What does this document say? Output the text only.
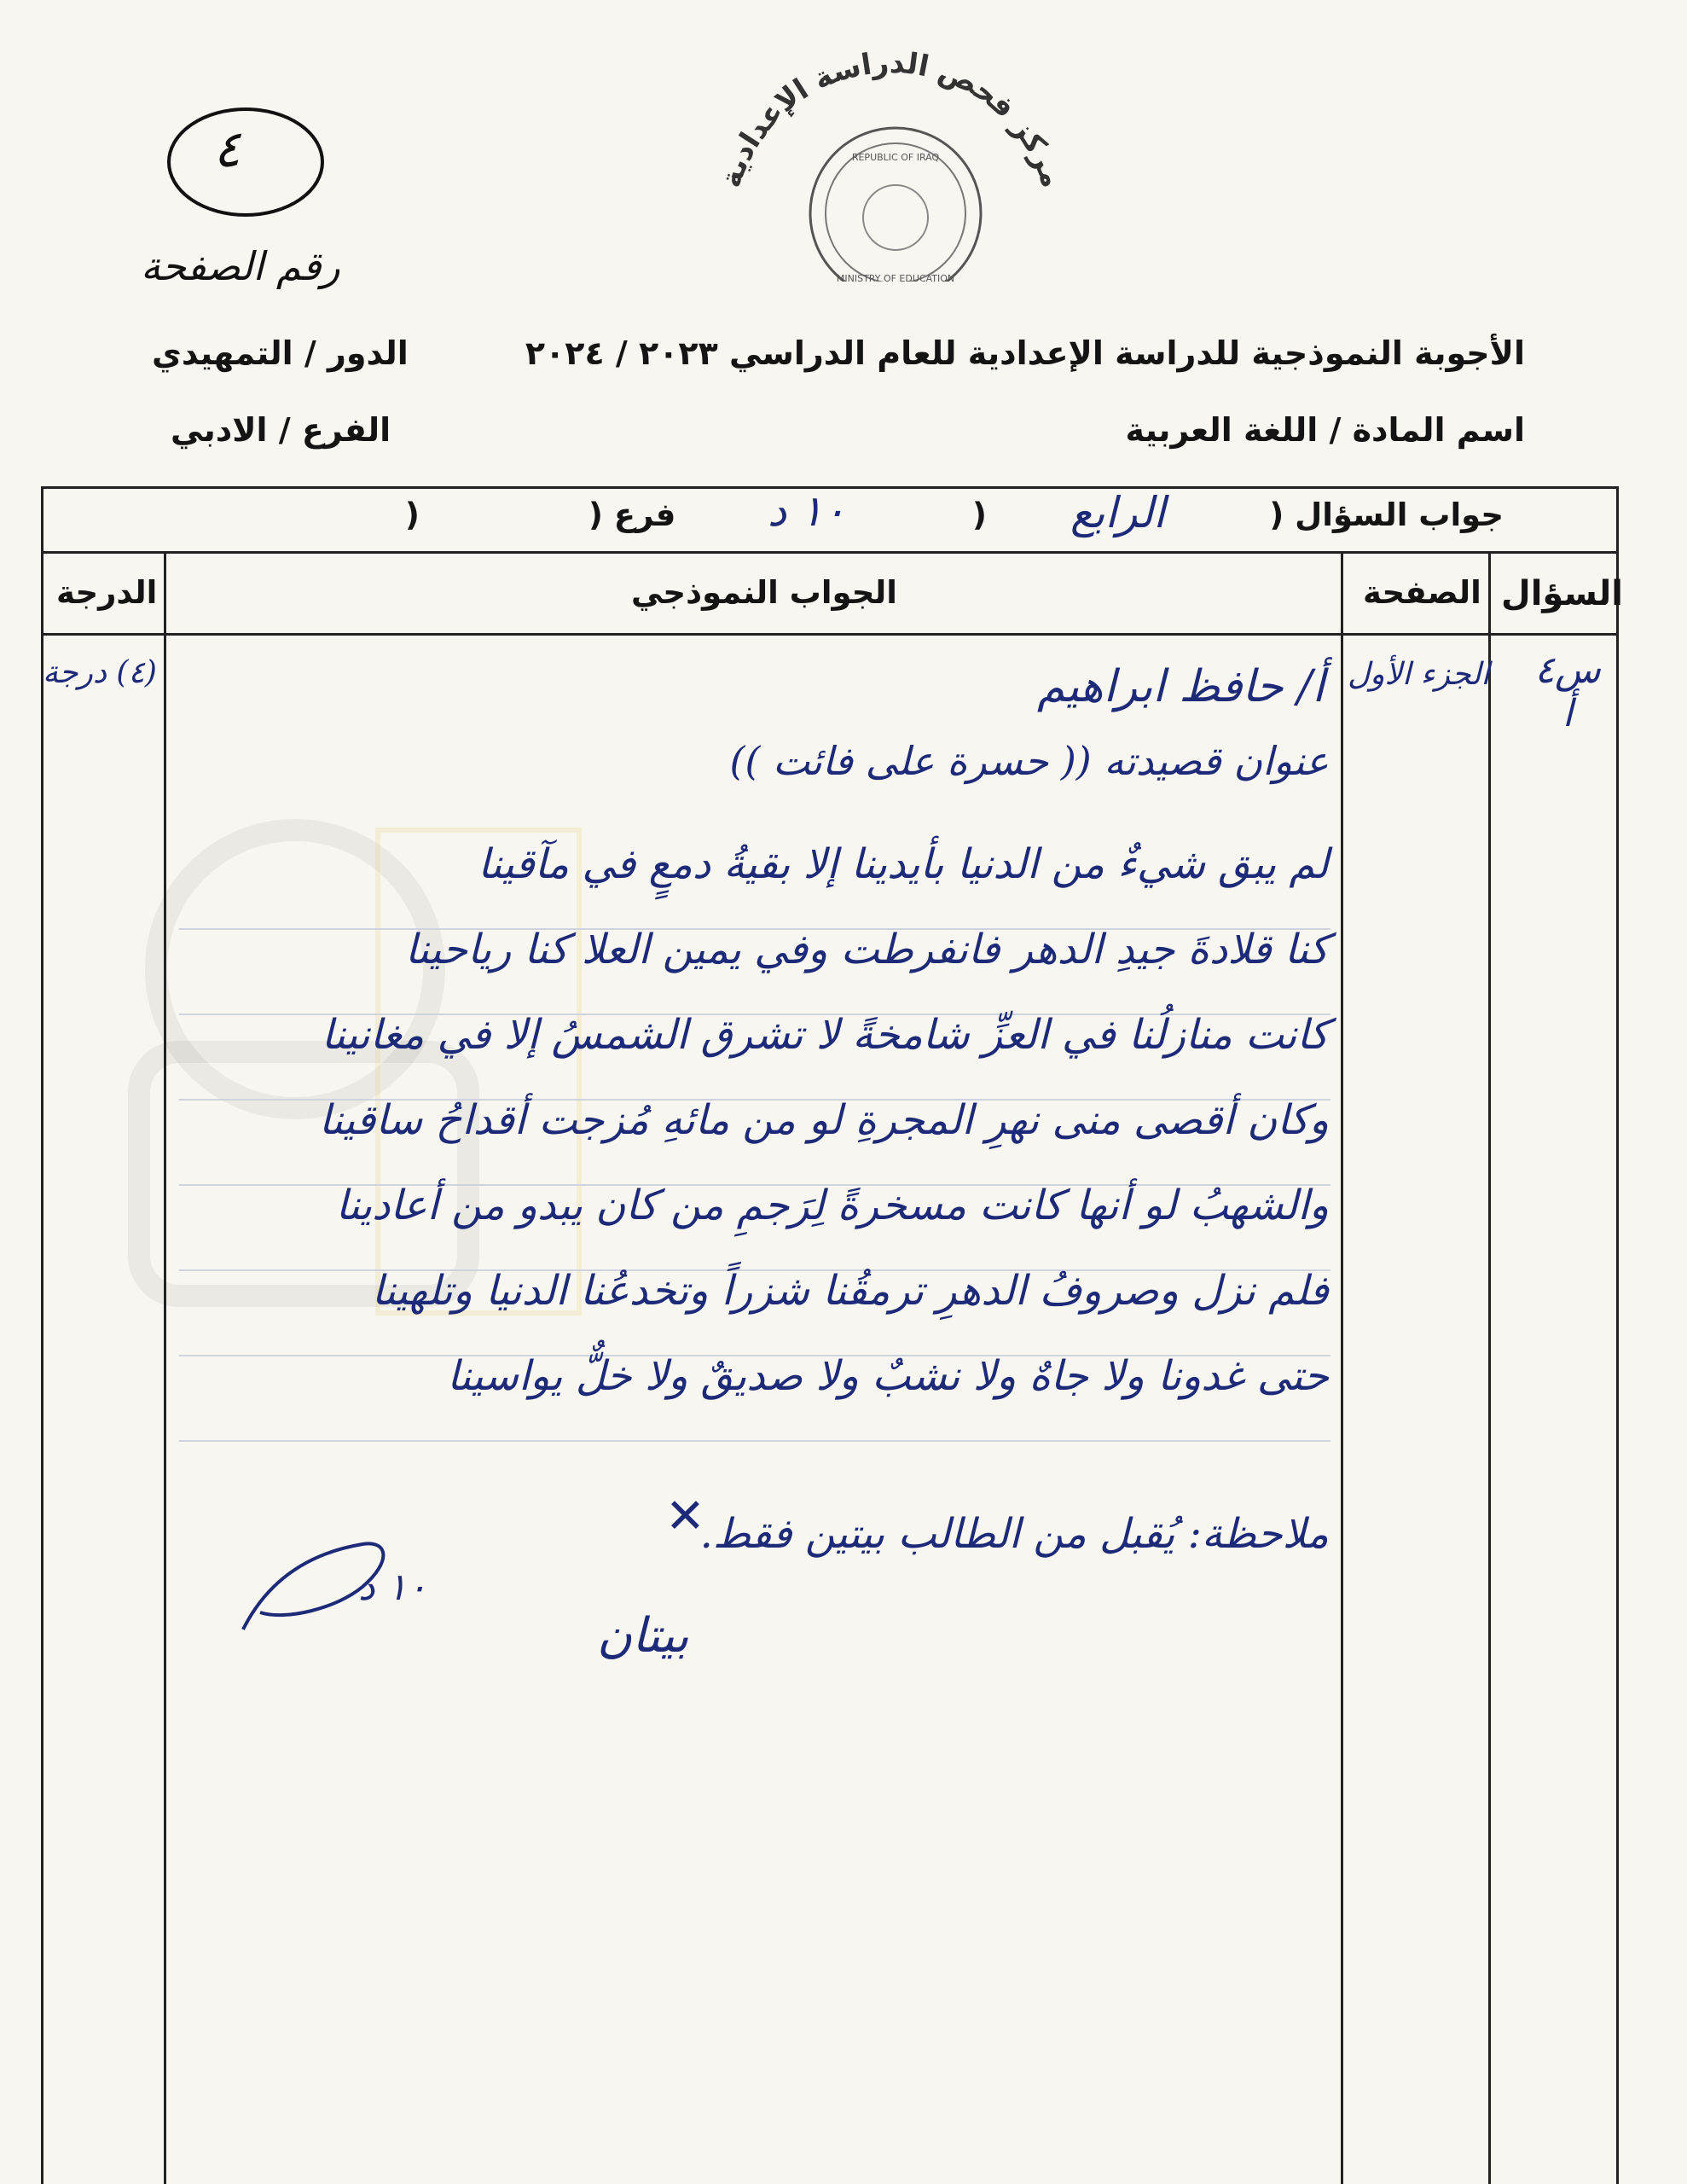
مركز فحص الدراسة الإعدادية
REPUBLIC OF IRAQ
MINISTRY OF EDUCATION
٤
رقم الصفحة
الأجوبة النموذجية للدراسة الإعدادية للعام الدراسي ٢٠٢٣ / ٢٠٢٤
الدور / التمهيدي
اسم المادة / اللغة العربية
الفرع / الادبي
جواب السؤال (
الرابع
)
١٠ د
فرع (
)
السؤال
الصفحة
الجواب النموذجي
الدرجة
س٤ أ
الجزء الأول
(٤) درجة	أ/ حافظ ابراهيم
عنوان قصيدته (( حسرة على فائت ))
لم يبق شيءٌ من الدنيا بأيدينا إلا بقيةُ دمعٍ في مآقينا
كنا قلادةَ جيدِ الدهر فانفرطت وفي يمين العلا كنا رياحينا
كانت منازلُنا في العزِّ شامخةً لا تشرق الشمسُ إلا في مغانينا
وكان أقصى منى نهرِ المجرةِ لو من مائهِ مُزجت أقداحُ ساقينا
والشهبُ لو أنها كانت مسخرةً لِرَجمِ من كان يبدو من أعادينا
فلم نزل وصروفُ الدهرِ ترمقُنا شزراً وتخدعُنا الدنيا وتلهينا
حتى غدونا ولا جاهٌ ولا نشبٌ ولا صديقٌ ولا خلٌّ يواسينا
ملاحظة: يُقبل من الطالب بيتين فقط.
✕
١٠ د
بيتان
